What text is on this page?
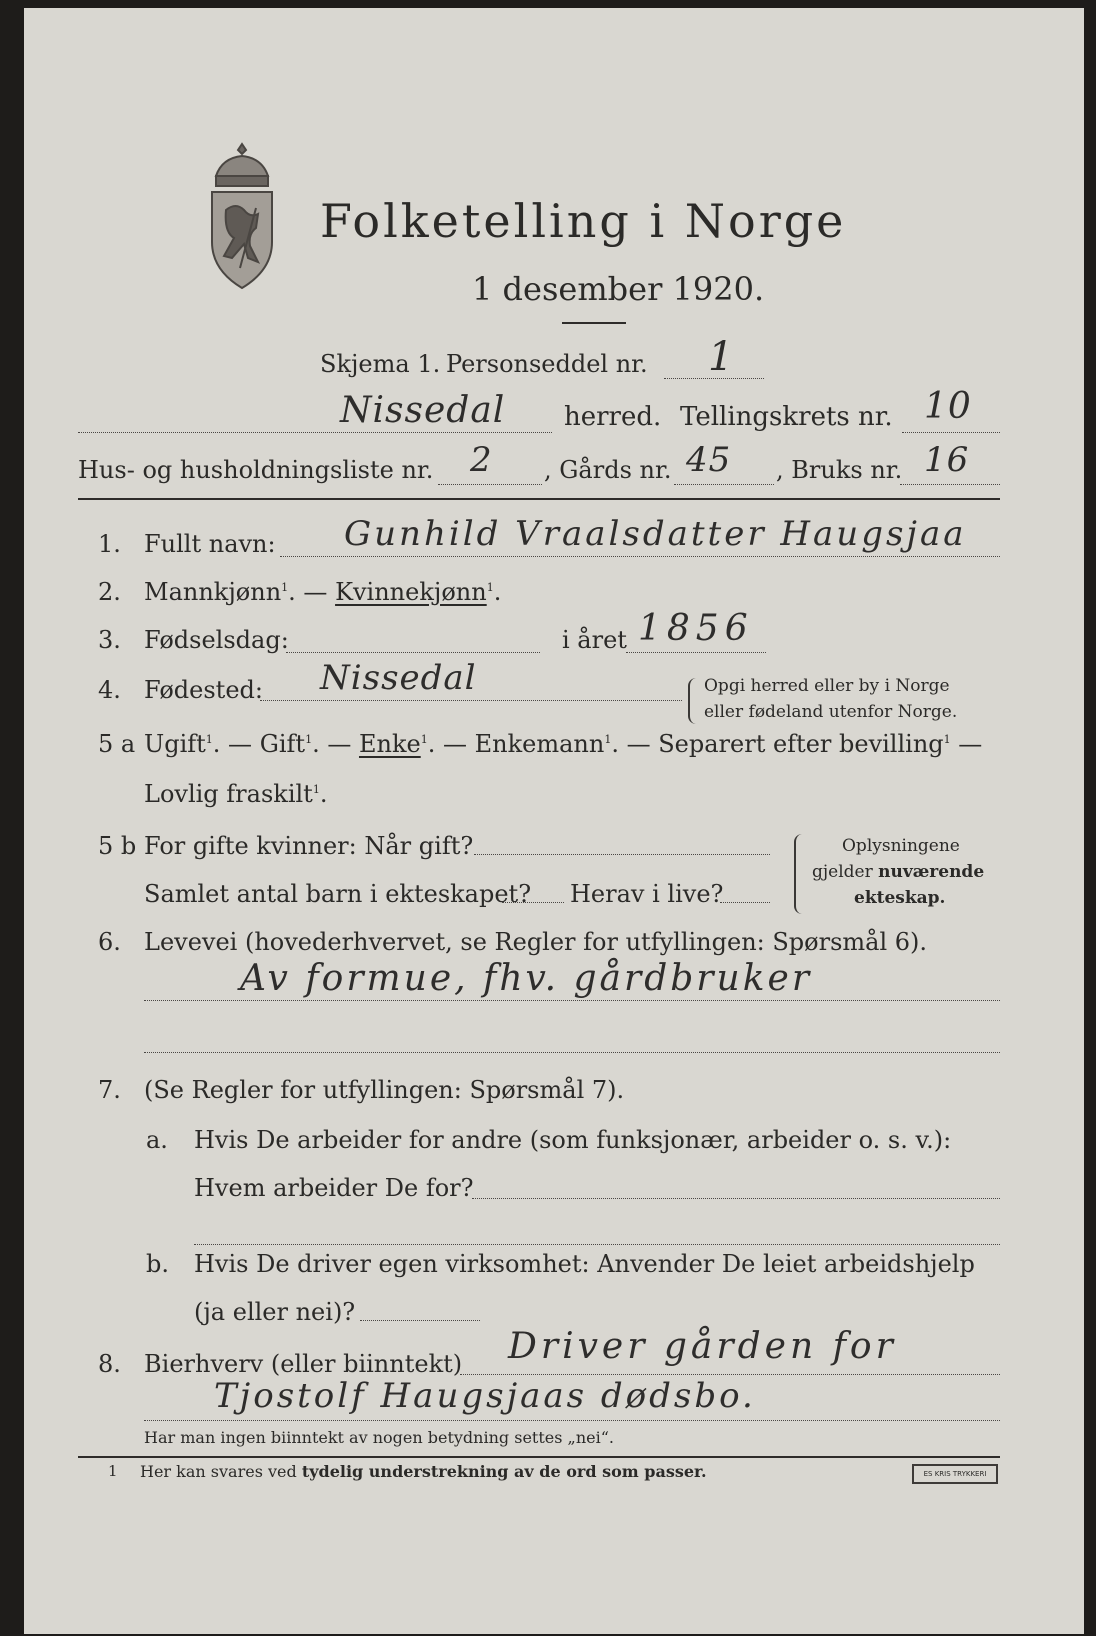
Folketelling i Norge
1 desember 1920.
Skjema 1. Personseddel nr. 1
Nissedal herred. Tellingskrets nr. 10
Hus- og husholdningsliste nr. 2 , Gårds nr. 45 , Bruks nr. 16
1. Fullt navn: Gunhild Vraalsdatter Haugsjaa
2. Mannkjønn$^1$. — Kvinnekjønn$^1$.
3. Fødselsdag:	i året 1856
4. Fødested: Nissedal	Opgi herred eller by i Norge
eller fødeland utenfor Norge.
5 a Ugift$^1$. — Gift$^1$. — Enke$^1$. — Enkemann$^1$. — Separert efter bevilling$^1$ —
Lovlig fraskilt$^1$.
5 b For gifte kvinner: Når gift?
Samlet antal barn i ekteskapet? Herav i live?
Oplysningene
gjelder nuværende
ekteskap.
6. Levevei (hovederhvervet, se Regler for utfyllingen: Spørsmål 6).
Av formue, fhv. gårdbruker
7. (Se Regler for utfyllingen: Spørsmål 7).
a. Hvis De arbeider for andre (som funksjonær, arbeider o. s. v.):
Hvem arbeider De for?
b. Hvis De driver egen virksomhet: Anvender De leiet arbeidshjelp
(ja eller nei)?
8. Bierhverv (eller biinntekt) Driver gården for
Tjostolf Haugsjaas dødsbo.
Har man ingen biinntekt av nogen betydning settes „nei“.
1 Her kan svares ved tydelig understrekning av de ord som passer.	ES KRIS TRYKKERI
